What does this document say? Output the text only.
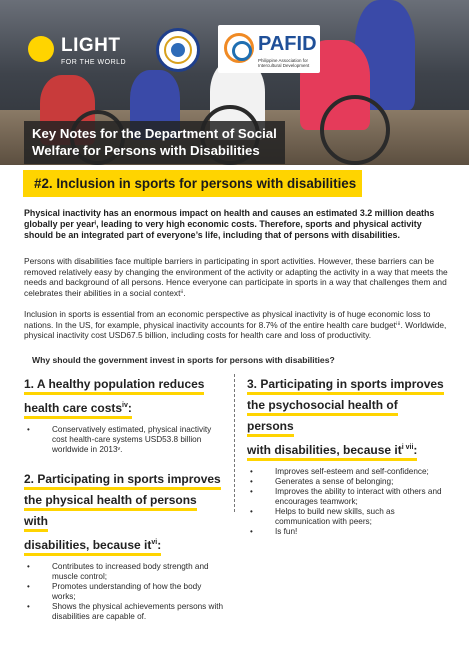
LIGHT
FOR THE WORLD
PAFID
Philippine Association for Intercultural Development
Key Notes for the Department of Social
Welfare for Persons with Disabilities
#2. Inclusion in sports for persons with disabilities

Physical inactivity has an enormous impact on health and causes an estimated 3.2 million deaths globally per yearⁱ, leading to very high economic costs. Therefore, sports and physical activity should be an integrated part of everyone’s life, including that of persons with disabilities.

Persons with disabilities face multiple barriers in participating in sport activities. However, these barriers can be removed relatively easy by changing the environment of the activity or adapting the activity in a way that meets the needs and background of all persons. Hence everyone can participate in sports in a way that challenges them and celebrates their abilities in a social contextⁱⁱ.

Inclusion in sports is essential from an economic perspective as physical inactivity is of huge economic loss to nations. In the US, for example, physical inactivity accounts for 8.7% of the entire health care budgetⁱⁱⁱ. Worldwide, physical inactivity cost USD67.5 billion, including costs for health care and loss of productivity.

Why should the government invest in sports for persons with disabilities?

1. A healthy population reduces
health care costs$^{iv}$:
• Conservatively estimated, physical inactivity cost health-care systems USD53.8 billion worldwide in 2013ᵛ.
2. Participating in sports improves
the physical health of persons with
disabilities, because $it^{vi}$:
• Contributes to increased body strength and muscle control;
• Promotes understanding of how the body works;
• Shows the physical achievements persons with disabilities are capable of.
3. Participating in sports improves
the psychosocial health of persons
with disabilities, because $it^{i vii}$:
• Improves self-esteem and self-confidence;
• Generates a sense of belonging;
• Improves the ability to interact with others and encourages teamwork;
• Helps to build new skills, such as communication with peers;
• Is fun!
